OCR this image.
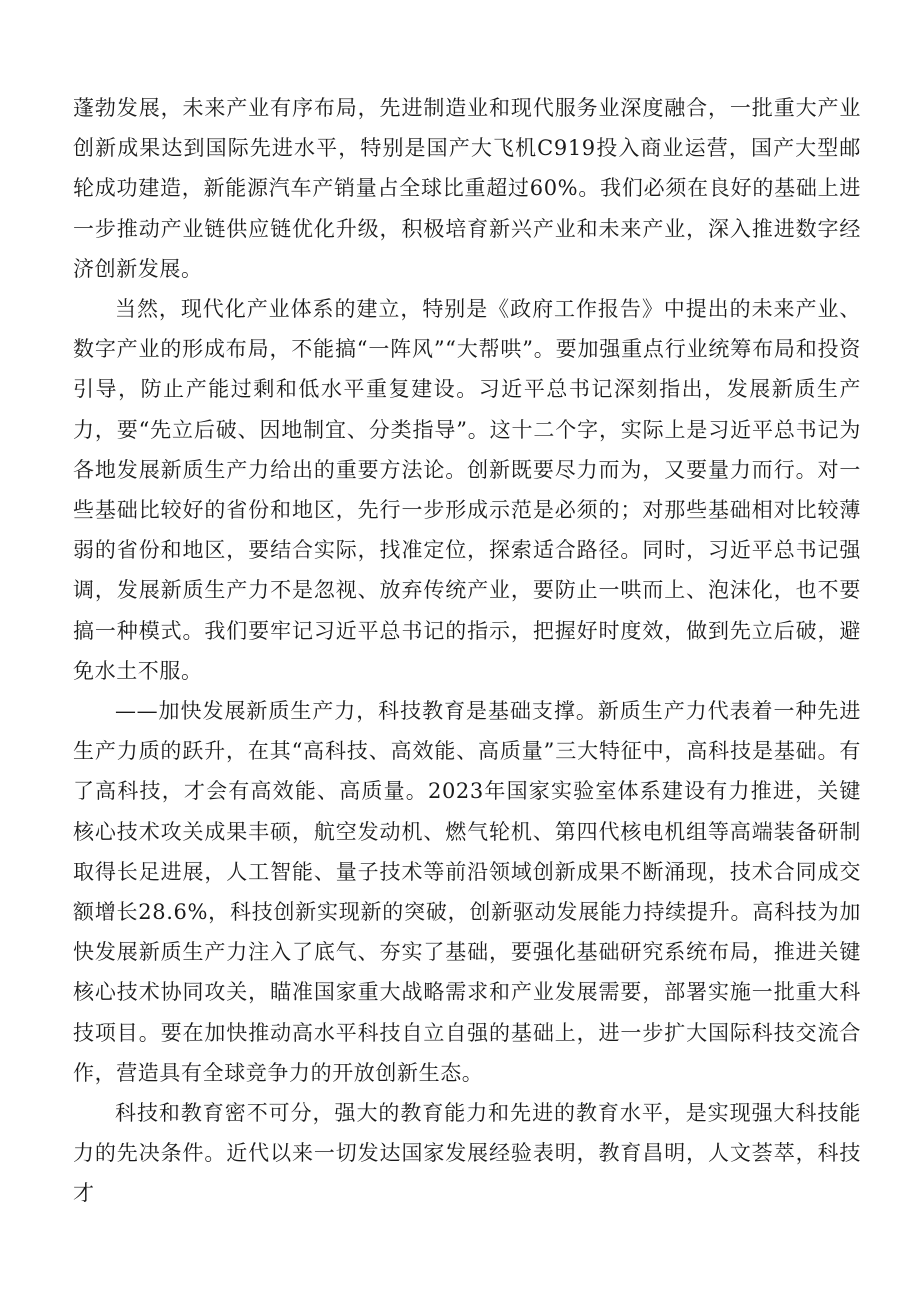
蓬勃发展，未来产业有序布局，先进制造业和现代服务业深度融合，一批重大产业创新成果达到国际先进水平，特别是国产大飞机C919投入商业运营，国产大型邮轮成功建造，新能源汽车产销量占全球比重超过60%。我们必须在良好的基础上进一步推动产业链供应链优化升级，积极培育新兴产业和未来产业，深入推进数字经济创新发展。

当然，现代化产业体系的建立，特别是《政府工作报告》中提出的未来产业、数字产业的形成布局，不能搞“一阵风”“大帮哄”。要加强重点行业统筹布局和投资引导，防止产能过剩和低水平重复建设。习近平总书记深刻指出，发展新质生产力，要“先立后破、因地制宜、分类指导”。这十二个字，实际上是习近平总书记为各地发展新质生产力给出的重要方法论。创新既要尽力而为，又要量力而行。对一些基础比较好的省份和地区，先行一步形成示范是必须的；对那些基础相对比较薄弱的省份和地区，要结合实际，找准定位，探索适合路径。同时，习近平总书记强调，发展新质生产力不是忽视、放弃传统产业，要防止一哄而上、泡沫化，也不要搞一种模式。我们要牢记习近平总书记的指示，把握好时度效，做到先立后破，避免水土不服。

——加快发展新质生产力，科技教育是基础支撑。新质生产力代表着一种先进生产力质的跃升，在其“高科技、高效能、高质量”三大特征中，高科技是基础。有了高科技，才会有高效能、高质量。2023年国家实验室体系建设有力推进，关键核心技术攻关成果丰硕，航空发动机、燃气轮机、第四代核电机组等高端装备研制取得长足进展，人工智能、量子技术等前沿领域创新成果不断涌现，技术合同成交额增长28.6%，科技创新实现新的突破，创新驱动发展能力持续提升。高科技为加快发展新质生产力注入了底气、夯实了基础，要强化基础研究系统布局，推进关键核心技术协同攻关，瞄准国家重大战略需求和产业发展需要，部署实施一批重大科技项目。要在加快推动高水平科技自立自强的基础上，进一步扩大国际科技交流合作，营造具有全球竞争力的开放创新生态。

科技和教育密不可分，强大的教育能力和先进的教育水平，是实现强大科技能力的先决条件。近代以来一切发达国家发展经验表明，教育昌明，人文荟萃，科技才
